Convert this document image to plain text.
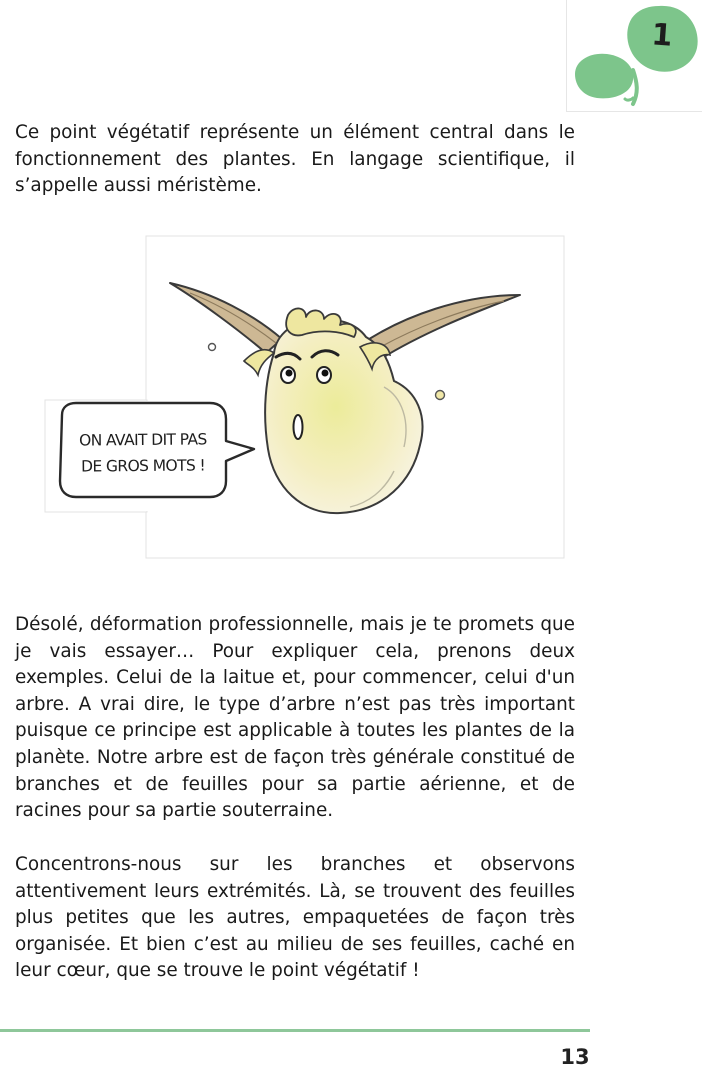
1

Ce point végétatif représente un élément central dans le fonctionnement des plantes. En langage scientifique, il s’appelle aussi méristème.

ON AVAIT DIT PAS
DE GROS MOTS !

Désolé, déformation professionnelle, mais je te promets que je vais essayer… Pour expliquer cela, prenons deux exemples. Celui de la laitue et, pour commencer, celui d'un arbre. A vrai dire, le type d’arbre n’est pas très important puisque ce principe est applicable à toutes les plantes de la planète. Notre arbre est de façon très générale constitué de branches et de feuilles pour sa partie aérienne, et de racines pour sa partie souterraine.

Concentrons-nous sur les branches et observons attentivement leurs extrémités. Là, se trouvent des feuilles plus petites que les autres, empaquetées de façon très organisée. Et bien c’est au milieu de ses feuilles, caché en leur cœur, que se trouve le point végétatif !

13
